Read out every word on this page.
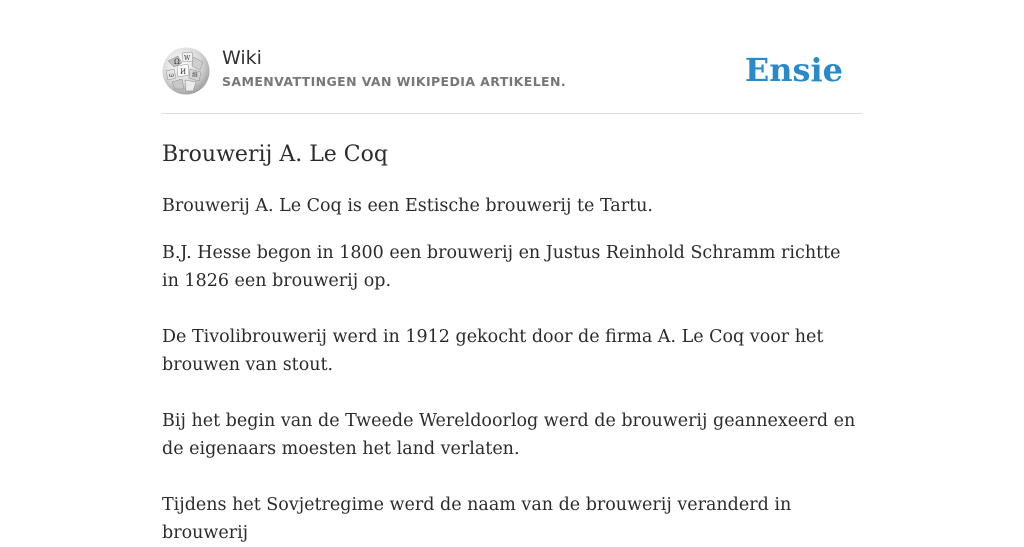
Ω W
И
ω	維
Wiki
SAMENVATTINGEN VAN WIKIPEDIA ARTIKELEN.	Ensie
Brouwerij A. Le Coq

Brouwerij A. Le Coq is een Estische brouwerij te Tartu.

B.J. Hesse begon in 1800 een brouwerij en Justus Reinhold Schramm richtte in 1826 een brouwerij op.

De Tivolibrouwerij werd in 1912 gekocht door de firma A. Le Coq voor het brouwen van stout.

Bij het begin van de Tweede Wereldoorlog werd de brouwerij geannexeerd en de eigenaars moesten het land verlaten.

Tijdens het Sovjetregime werd de naam van de brouwerij veranderd in brouwerij
